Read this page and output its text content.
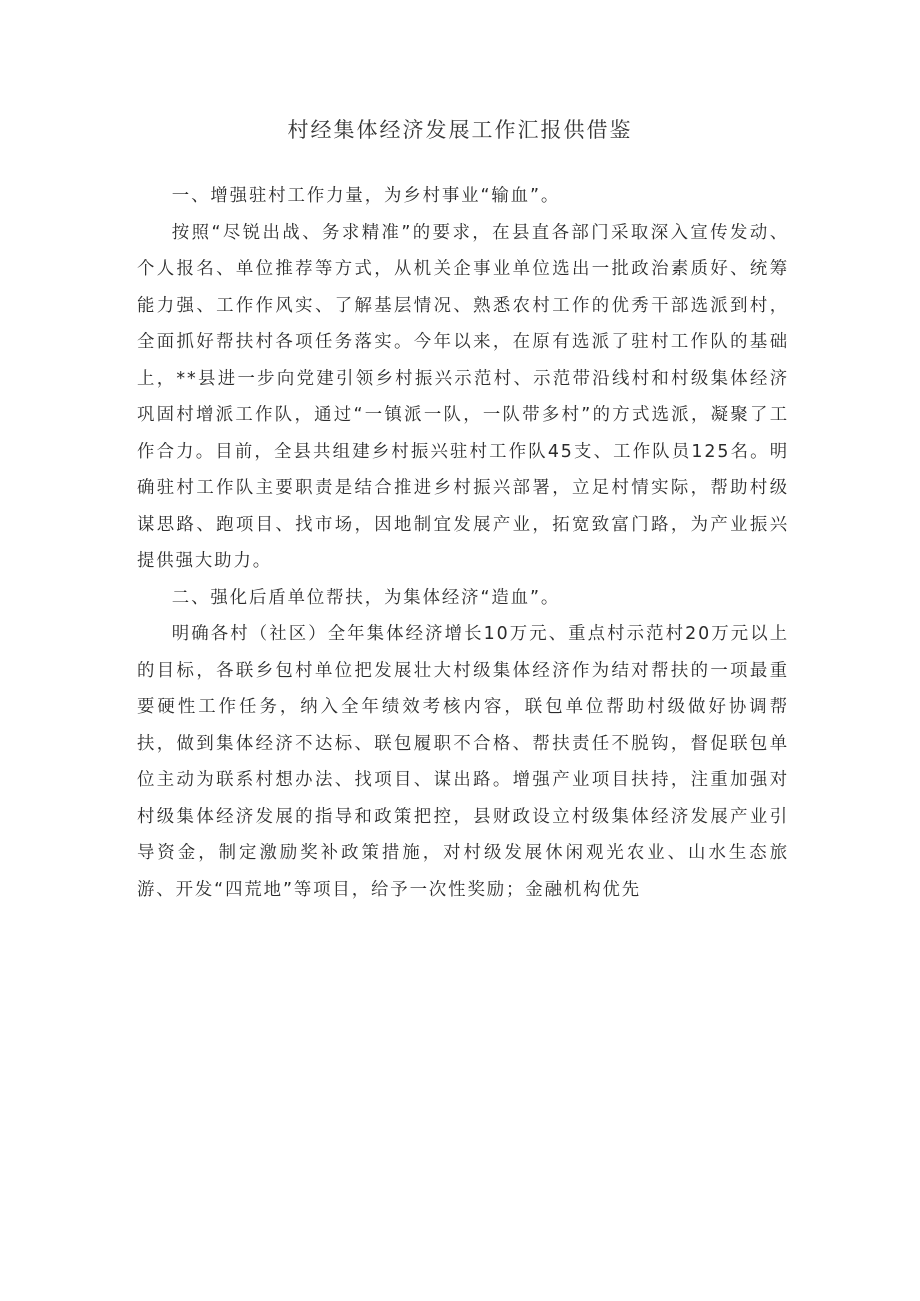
村经集体经济发展工作汇报供借鉴

一、增强驻村工作力量，为乡村事业“输血”。

按照“尽锐出战、务求精准”的要求，在县直各部门采取深入宣传发动、个人报名、单位推荐等方式，从机关企事业单位选出一批政治素质好、统筹能力强、工作作风实、了解基层情况、熟悉农村工作的优秀干部选派到村，全面抓好帮扶村各项任务落实。今年以来，在原有选派了驻村工作队的基础上，**县进一步向党建引领乡村振兴示范村、示范带沿线村和村级集体经济巩固村增派工作队，通过“一镇派一队，一队带多村”的方式选派，凝聚了工作合力。目前，全县共组建乡村振兴驻村工作队45支、工作队员125名。明确驻村工作队主要职责是结合推进乡村振兴部署，立足村情实际，帮助村级谋思路、跑项目、找市场，因地制宜发展产业，拓宽致富门路，为产业振兴提供强大助力。

二、强化后盾单位帮扶，为集体经济“造血”。

明确各村（社区）全年集体经济增长10万元、重点村示范村20万元以上的目标，各联乡包村单位把发展壮大村级集体经济作为结对帮扶的一项最重要硬性工作任务，纳入全年绩效考核内容，联包单位帮助村级做好协调帮扶，做到集体经济不达标、联包履职不合格、帮扶责任不脱钩，督促联包单位主动为联系村想办法、找项目、谋出路。增强产业项目扶持，注重加强对村级集体经济发展的指导和政策把控，县财政设立村级集体经济发展产业引导资金，制定激励奖补政策措施，对村级发展休闲观光农业、山水生态旅游、开发“四荒地”等项目，给予一次性奖励；金融机构优先
